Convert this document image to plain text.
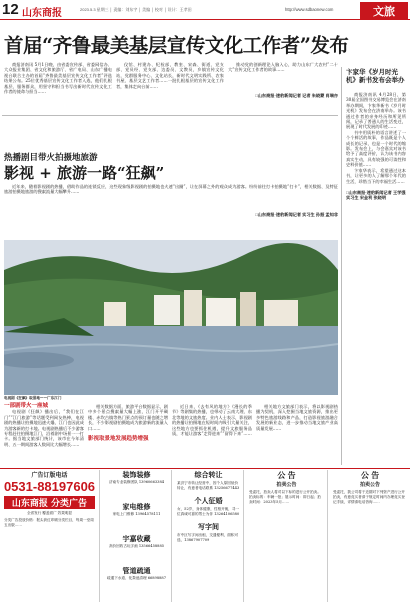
12 山东商报	2023.5.3 星期三 │ 责编：刘东宇 │ 美编 │ 校对 │ 设计：王孝田	http://www.sdbaonew.com	文旅
首届“齐鲁最美基层宣传文化工作者”发布

商报济南讯 5月1日晚，由省委宣传部、省委网信办、大众报业集团、省文化和旅游厅、省广电局、山东广播电视台联合主办的首届“齐鲁最美基层宣传文化工作者”评选结果公布。25位优秀基层宣传文化工作者入选，他们扎根基层、服务群众，用坚守和担当书写出新时代宣传文化工作者的使命与担当……

仪馆、村建办、纪检部，教室、宋森、街道、党支部、党员经、党支部、边委员、文教员，乡镇宣传文化站，党群服务中心、文化站长，新时代文明实践所、农家书屋、基层文艺工作者……一批扎根基层的宣传文化工作者，集体走向台前……

推动党的创新理论入脑入心，助力山东广大农村“二十大”宣传文化工作者的故事……

□山东商报·速豹新闻记者 记者 朱晓蒙 肖瑞亦
热播剧目带火拍摄地旅游
影视 + 旅游一路“狂飙”

近年来，随着影视剧的热播，借助作品的连锁反应，这些现象级影视剧的拍摄地也火速“出圈”，让在屏幕之外的观众成为游客。纷纷前往打卡拍摄地“打卡”，相关数据、及特征旅游拍摄地旅游的搜索流量大幅攀升……

□山东商报·速豹新闻记者 实习生 孙振 孟知非
电视剧《狂飙》取景地——广东江门
一部剧带火一座城

电视剧《狂飙》播出后，“我们在江门”“江门旅游”等话题受到网友热捧，电视剧的热播让拍摄地迅速火爆，江门也因此成为游客新的打卡地。电视剧热播后不少游客专程赶往拍摄地江门，沿着剧中场景一一打卡。据当地文旅部门统计，该市在今年清明、五一期间游客人数同比大幅增长……

相关数据方面，旅游平台数据显示，剧中多个景点搜索量大幅上涨，江门开平碉楼、赤坎古镇等热门景点的预订量也随之增长，不少影视剧拍摄地成为旅游新的流量入口……

影视取景地发展趋势增强

近日来，《去有风的地方》《漫长的季节》等剧集的热播，也带动了云南大理、东北等地的文旅热度。业内人士表示，影视剧的热播让拍摄地在短时间内吸引大量关注，这些地方也要抓住机遇，提升文旅服务品质，才能让游客“走得进来”“留得下来”……

相关地方文旅部门表示，将以影视剧热播为契机，深入挖掘当地文旅资源，推出更多特色旅游线路和产品，打造影视旅游融合发展的新业态，进一步推动当地文旅产业高质量发展……

卞家华《岁月时光机》新书发布会举办

商报济南讯 4月28日，第30届全国图书交易博览会在济南举办期间，卞家华新书《岁月时光机》发布会在济南举办。该书通过作者的亲身经历和所见所闻，记录了普通人的生活变迁，展现了时代发展的印迹……

书中用质朴的语言讲述了一个个鲜活的故事，作品既是个人成长的记录，也是一个时代的缩影。发布会上，与会嘉宾对该书给予了高度评价，认为该书内容真实生动，具有较强的可读性和史料价值……

卞家华表示，希望通过这本书，让更多的人了解那个年代的生活，珍惜当下的幸福生活……

□山东商报·速豹新闻记者 王学强 实习生 宋金利 张晓明
广告订版电话
0531-88197606
山东商报 分类广告
全省发行 覆盖面广 效果明显
分类广告投放价格：报头套红印刷分类栏目，每周一至周五出版……
装饰装修
济南专业装修团队 13960663384
家电维修
家电上门维修 13964578111
宇嘉收藏
高价回收古玩字画 13566458885
管道疏通
疏通下水道、化粪池清理 66898887
综合转让
某济宁市转让经营中，因个人原因低价转让，有意者电话联系 13256677443
个人征婚
女，52岁，身体健康，性格开朗，寻一位真诚可靠的男士为伴 13264106580
写字间
市中区写字间出租，交通便利，面积可选，13867907709
公 告
拍卖公告
受委托，拍卖人将对以下标的进行公开拍卖。拍卖标的：车辆一批；展示时间：即日起；拍卖时间：2023年5月……
公 告
拍卖公告
受委托，我公司将于近期对下列资产进行公开拍卖，有意竞买者请于规定时间内办理竞买登记手续，详情请电话咨询……
